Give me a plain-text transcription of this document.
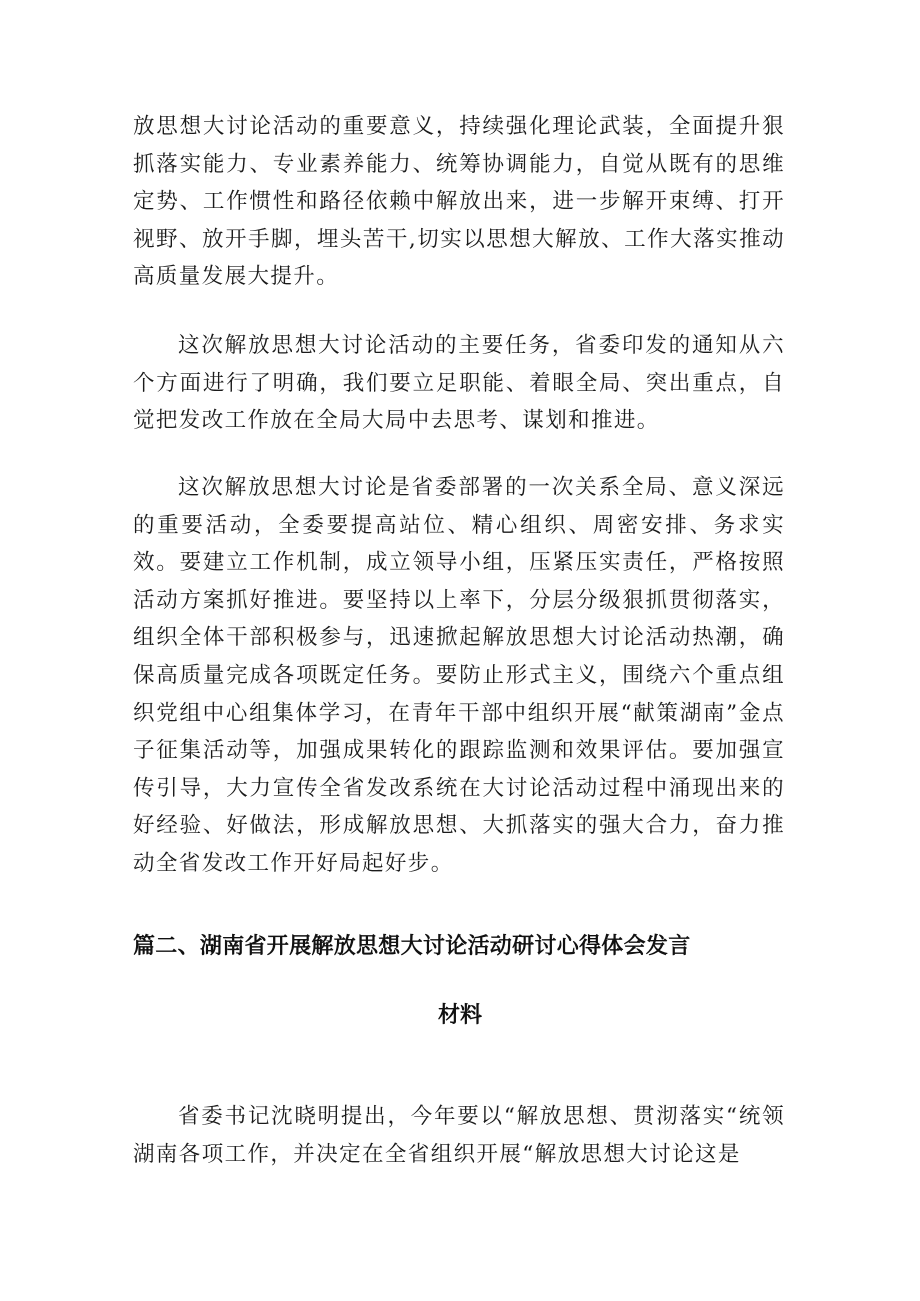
放思想大讨论活动的重要意义，持续强化理论武装，全面提升狠抓落实能力、专业素养能力、统筹协调能力，自觉从既有的思维定势、工作惯性和路径依赖中解放出来，进一步解开束缚、打开视野、放开手脚，埋头苦干,切实以思想大解放、工作大落实推动高质量发展大提升。

这次解放思想大讨论活动的主要任务，省委印发的通知从六个方面进行了明确，我们要立足职能、着眼全局、突出重点，自觉把发改工作放在全局大局中去思考、谋划和推进。

这次解放思想大讨论是省委部署的一次关系全局、意义深远的重要活动，全委要提高站位、精心组织、周密安排、务求实效。要建立工作机制，成立领导小组，压紧压实责任，严格按照活动方案抓好推进。要坚持以上率下，分层分级狠抓贯彻落实，组织全体干部积极参与，迅速掀起解放思想大讨论活动热潮，确保高质量完成各项既定任务。要防止形式主义，围绕六个重点组织党组中心组集体学习，在青年干部中组织开展“献策湖南”金点子征集活动等，加强成果转化的跟踪监测和效果评估。要加强宣传引导，大力宣传全省发改系统在大讨论活动过程中涌现出来的好经验、好做法，形成解放思想、大抓落实的强大合力，奋力推动全省发改工作开好局起好步。

篇二、湖南省开展解放思想大讨论活动研讨心得体会发言
材料

省委书记沈晓明提出，今年要以“解放思想、贯沏落实“统领湖南各项工作，并决定在全省组织开展“解放思想大讨论这是
